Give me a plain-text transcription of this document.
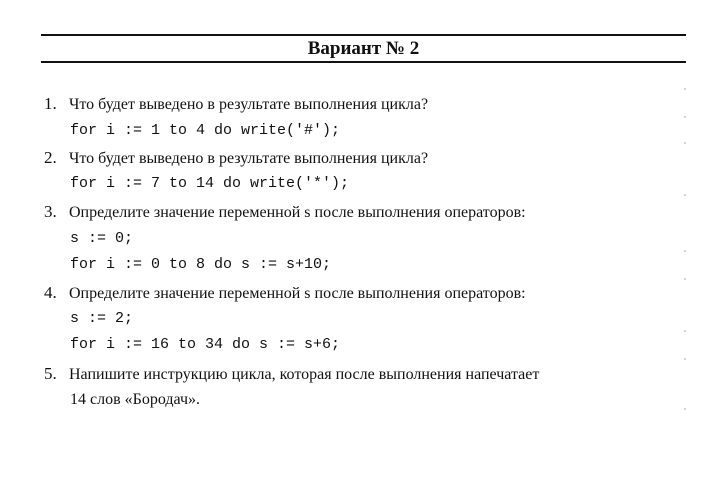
Вариант № 2
1. Что будет выведено в результате выполнения цикла?
for i := 1 to 4 do write('#');
2. Что будет выведено в результате выполнения цикла?
for i := 7 to 14 do write('*');
3. Определите значение переменной s после выполнения операторов:
s := 0;
for i := 0 to 8 do s := s+10;
4. Определите значение переменной s после выполнения операторов:
s := 2;
for i := 16 to 34 do s := s+6;
5. Напишите инструкцию цикла, которая после выполнения напечатает
14 слов «Бородач».
